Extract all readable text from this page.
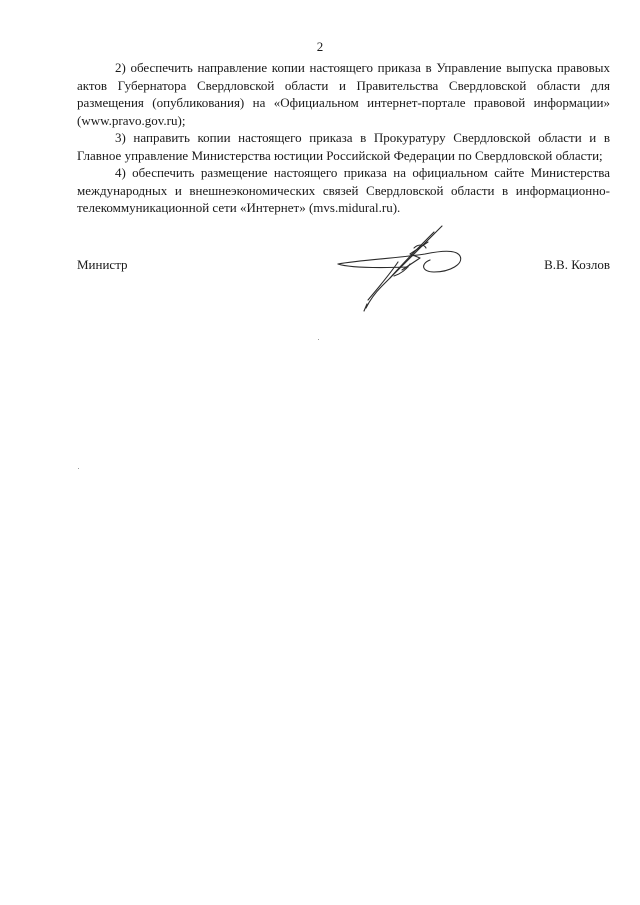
2

2) обеспечить направление копии настоящего приказа в Управление выпуска правовых актов Губернатора Свердловской области и Правительства Свердловской области для размещения (опубликования) на «Официальном интернет-портале правовой информации» (www.pravo.gov.ru);

3) направить копии настоящего приказа в Прокуратуру Свердловской области и в Главное управление Министерства юстиции Российской Федерации по Свердловской области;

4) обеспечить размещение настоящего приказа на официальном сайте Министерства международных и внешнеэкономических связей Свердловской области в информационно-телекоммуникационной сети «Интернет» (mvs.midural.ru).

Министр	В.В. Козлов
